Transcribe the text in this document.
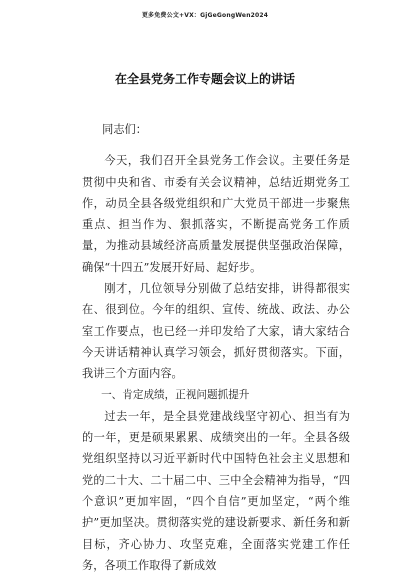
更多免费公文+VX：GjGeGongWen2024
在全县党务工作专题会议上的讲话

同志们：

今天，我们召开全县党务工作会议。主要任务是贯彻中央和省、市委有关会议精神，总结近期党务工作，动员全县各级党组织和广大党员干部进一步聚焦重点、担当作为、狠抓落实，不断提高党务工作质量，为推动县域经济高质量发展提供坚强政治保障，确保“十四五”发展开好局、起好步。

刚才，几位领导分别做了总结安排，讲得都很实在、很到位。今年的组织、宣传、统战、政法、办公室工作要点，也已经一并印发给了大家，请大家结合今天讲话精神认真学习领会，抓好贯彻落实。下面，我讲三个方面内容。

一、肯定成绩，正视问题抓提升

过去一年，是全县党建战线坚守初心、担当有为的一年，更是硕果累累、成绩突出的一年。全县各级党组织坚持以习近平新时代中国特色社会主义思想和党的二十大、二十届二中、三中全会精神为指导，“四个意识”更加牢固，“四个自信”更加坚定，“两个维护”更加坚决。贯彻落实党的建设新要求、新任务和新目标，齐心协力、攻坚克难，全面落实党建工作任务，各项工作取得了新成效
